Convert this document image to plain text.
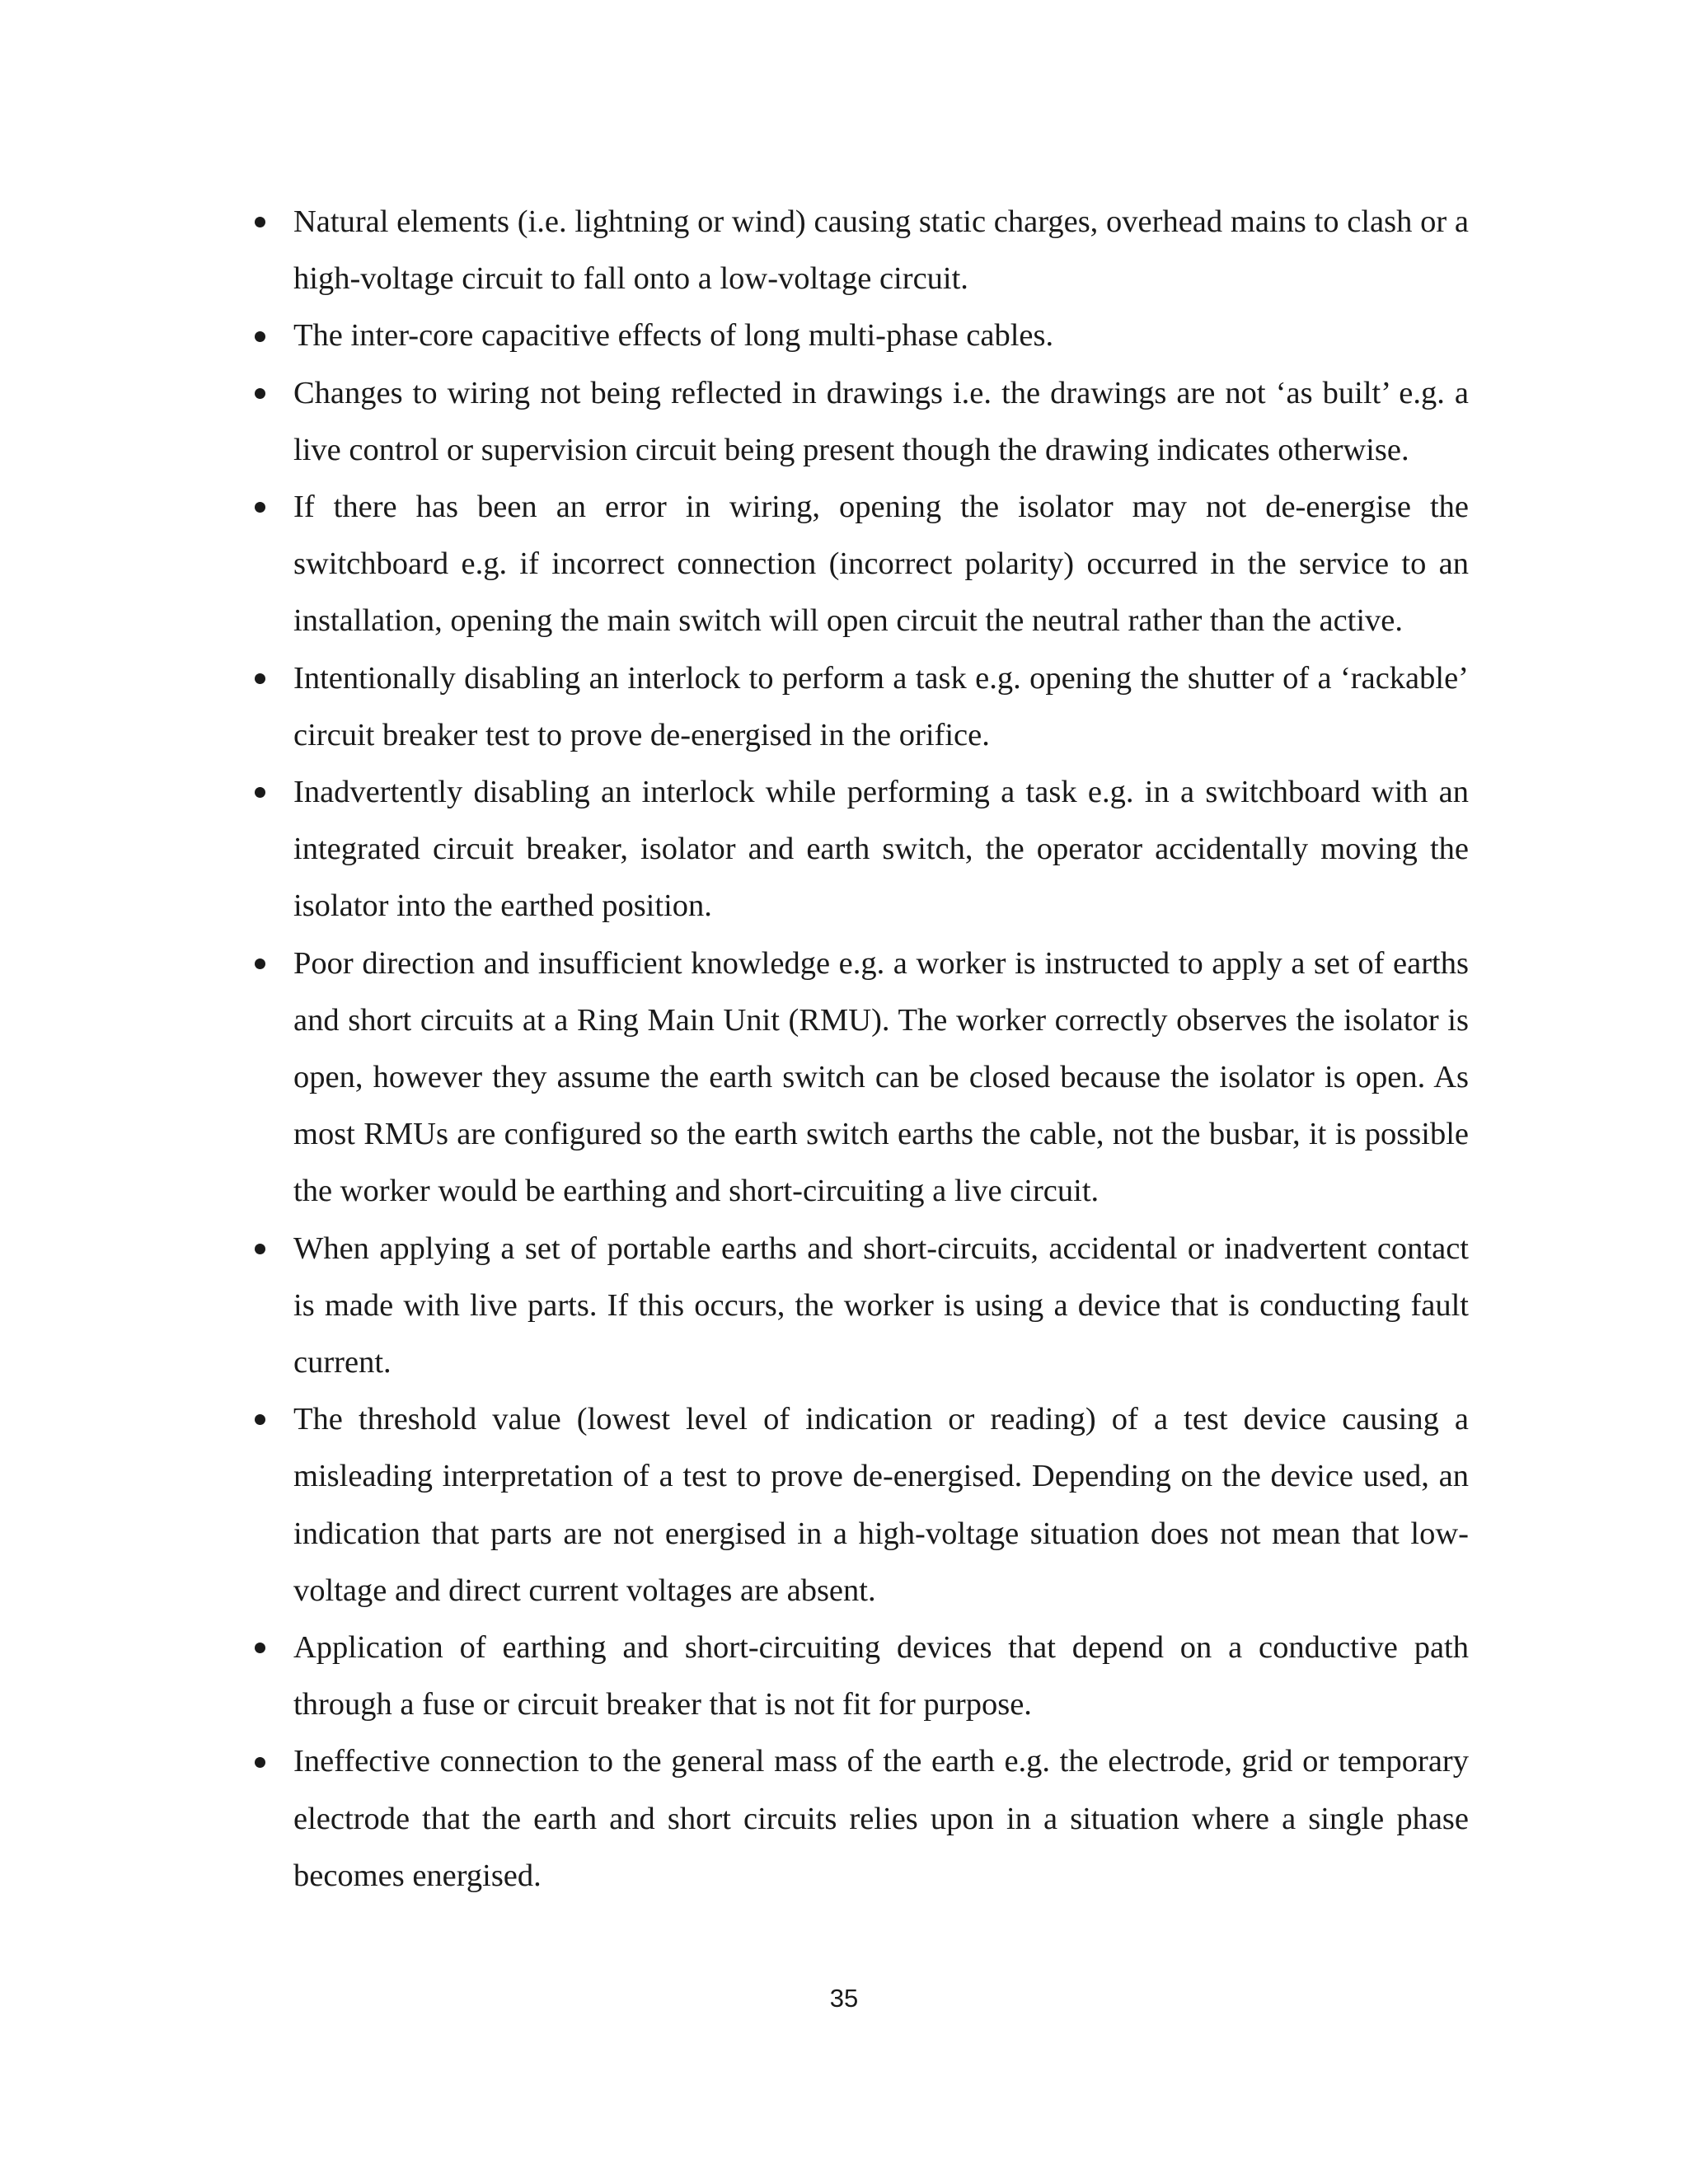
Natural elements (i.e. lightning or wind) causing static charges, overhead mains to clash or a high-voltage circuit to fall onto a low-voltage circuit.
The inter-core capacitive effects of long multi-phase cables.
Changes to wiring not being reflected in drawings i.e. the drawings are not ‘as built’ e.g. a live control or supervision circuit being present though the drawing indicates otherwise.
If there has been an error in wiring, opening the isolator may not de-energise the switchboard e.g. if incorrect connection (incorrect polarity) occurred in the service to an installation, opening the main switch will open circuit the neutral rather than the active.
Intentionally disabling an interlock to perform a task e.g. opening the shutter of a ‘rackable’ circuit breaker test to prove de-energised in the orifice.
Inadvertently disabling an interlock while performing a task e.g. in a switchboard with an integrated circuit breaker, isolator and earth switch, the operator accidentally moving the isolator into the earthed position.
Poor direction and insufficient knowledge e.g. a worker is instructed to apply a set of earths and short circuits at a Ring Main Unit (RMU). The worker correctly observes the isolator is open, however they assume the earth switch can be closed because the isolator is open. As most RMUs are configured so the earth switch earths the cable, not the busbar, it is possible the worker would be earthing and short-circuiting a live circuit.
When applying a set of portable earths and short-circuits, accidental or inadvertent contact is made with live parts. If this occurs, the worker is using a device that is conducting fault current.
The threshold value (lowest level of indication or reading) of a test device causing a misleading interpretation of a test to prove de-energised. Depending on the device used, an indication that parts are not energised in a high-voltage situation does not mean that low-voltage and direct current voltages are absent.
Application of earthing and short-circuiting devices that depend on a conductive path through a fuse or circuit breaker that is not fit for purpose.
Ineffective connection to the general mass of the earth e.g. the electrode, grid or temporary electrode that the earth and short circuits relies upon in a situation where a single phase becomes energised.
35
